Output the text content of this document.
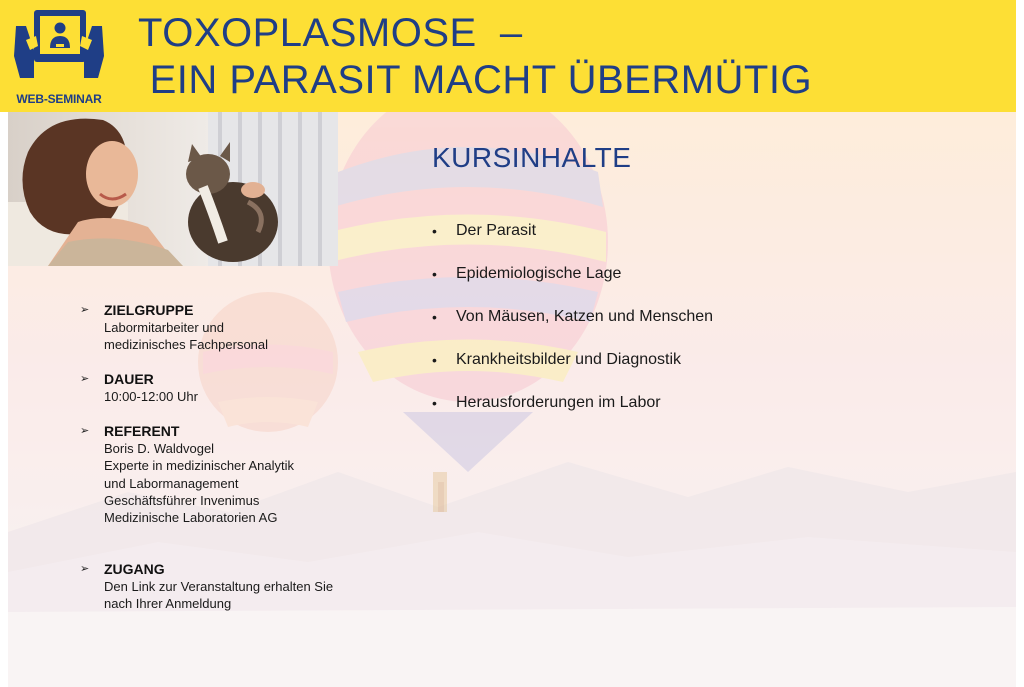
WEB-SEMINAR
TOXOPLASMOSE  –
EIN PARASIT MACHT ÜBERMÜTIG
KURSINHALTE
• Der Parasit
• Epidemiologische Lage
• Von Mäusen, Katzen und Menschen
• Krankheitsbilder und Diagnostik
• Herausforderungen im Labor
➢ ZIELGRUPPE
Labormitarbeiter und
medizinisches Fachpersonal
➢ DAUER
10:00-12:00 Uhr
➢ REFERENT
Boris D. Waldvogel
Experte in medizinischer Analytik
und Labormanagement
Geschäftsführer Invenimus
Medizinische Laboratorien AG
➢ ZUGANG
Den Link zur Veranstaltung erhalten Sie
nach Ihrer Anmeldung
